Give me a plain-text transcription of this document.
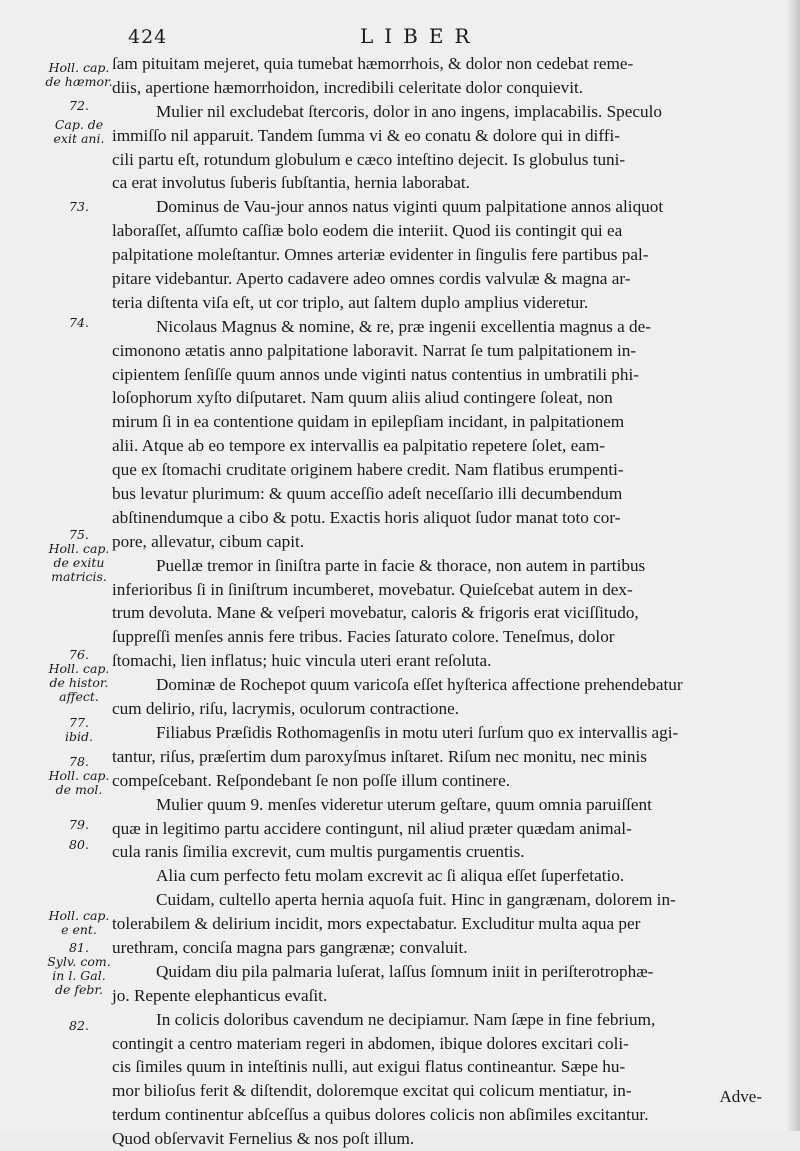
424	LIBER
Holl. cap.
de hæmor.
72.
Cap. de
exit ani.
73.
74.
75.
Holl. cap.
de exitu
matricis.
76.
Holl. cap.
de histor.
affect.
77.
ibid.
78.
Holl. cap.
de mol.
79.
80.
Holl. cap.
e ent.
81.
Sylv. com.
in l. Gal.
de febr.
82.
ſam pituitam mejeret, quia tumebat hæmorrhois, & dolor non cedebat reme-
diis, apertione hæmorrhoidon, incredibili celeritate dolor conquievit.
Mulier nil excludebat ſtercoris, dolor in ano ingens, implacabilis. Speculo
immiſſo nil apparuit. Tandem ſumma vi & eo conatu & dolore qui in diffi-
cili partu eſt, rotundum globulum e cæco inteſtino dejecit. Is globulus tuni-
ca erat involutus ſuberis ſubſtantia, hernia laborabat.
Dominus de Vau-jour annos natus viginti quum palpitatione annos aliquot
laboraſſet, aſſumto caſſiæ bolo eodem die interiit. Quod iis contingit qui ea
palpitatione moleſtantur. Omnes arteriæ evidenter in ſingulis fere partibus pal-
pitare videbantur. Aperto cadavere adeo omnes cordis valvulæ & magna ar-
teria diſtenta viſa eſt, ut cor triplo, aut ſaltem duplo amplius videretur.
Nicolaus Magnus & nomine, & re, præ ingenii excellentia magnus a de-
cimonono ætatis anno palpitatione laboravit. Narrat ſe tum palpitationem in-
cipientem ſenſiſſe quum annos unde viginti natus contentius in umbratili phi-
loſophorum xyſto diſputaret. Nam quum aliis aliud contingere ſoleat, non
mirum ſi in ea contentione quidam in epilepſiam incidant, in palpitationem
alii. Atque ab eo tempore ex intervallis ea palpitatio repetere ſolet, eam-
que ex ſtomachi cruditate originem habere credit. Nam flatibus erumpenti-
bus levatur plurimum: & quum acceſſio adeſt neceſſario illi decumbendum
abſtinendumque a cibo & potu. Exactis horis aliquot ſudor manat toto cor-
pore, allevatur, cibum capit.
Puellæ tremor in ſiniſtra parte in facie & thorace, non autem in partibus
inferioribus ſi in ſiniſtrum incumberet, movebatur. Quieſcebat autem in dex-
trum devoluta. Mane & veſperi movebatur, caloris & frigoris erat viciſſitudo,
ſuppreſſi menſes annis fere tribus. Facies ſaturato colore. Teneſmus, dolor
ſtomachi, lien inflatus; huic vincula uteri erant reſoluta.
Dominæ de Rochepot quum varicoſa eſſet hyſterica affectione prehendebatur
cum delirio, riſu, lacrymis, oculorum contractione.
Filiabus Præſidis Rothomagenſis in motu uteri ſurſum quo ex intervallis agi-
tantur, riſus, præſertim dum paroxyſmus inſtaret. Riſum nec monitu, nec minis
compeſcebant. Reſpondebant ſe non poſſe illum continere.
Mulier quum 9. menſes videretur uterum geſtare, quum omnia paruiſſent
quæ in legitimo partu accidere contingunt, nil aliud præter quædam animal-
cula ranis ſimilia excrevit, cum multis purgamentis cruentis.
Alia cum perfecto fetu molam excrevit ac ſi aliqua eſſet ſuperfetatio.
Cuidam, cultello aperta hernia aquoſa fuit. Hinc in gangrænam, dolorem in-
tolerabilem & delirium incidit, mors expectabatur. Excluditur multa aqua per
urethram, conciſa magna pars gangrænæ; convaluit.
Quidam diu pila palmaria luſerat, laſſus ſomnum iniit in periſterotrophæ-
jo. Repente elephanticus evaſit.
In colicis doloribus cavendum ne decipiamur. Nam ſæpe in fine febrium,
contingit a centro materiam regeri in abdomen, ibique dolores excitari coli-
cis ſimiles quum in inteſtinis nulli, aut exigui flatus contineantur. Sæpe hu-
mor bilioſus ferit & diſtendit, doloremque excitat qui colicum mentiatur, in-
terdum continentur abſceſſus a quibus dolores colicis non abſimiles excitantur.
Quod obſervavit Fernelius & nos poſt illum.
Adve-
